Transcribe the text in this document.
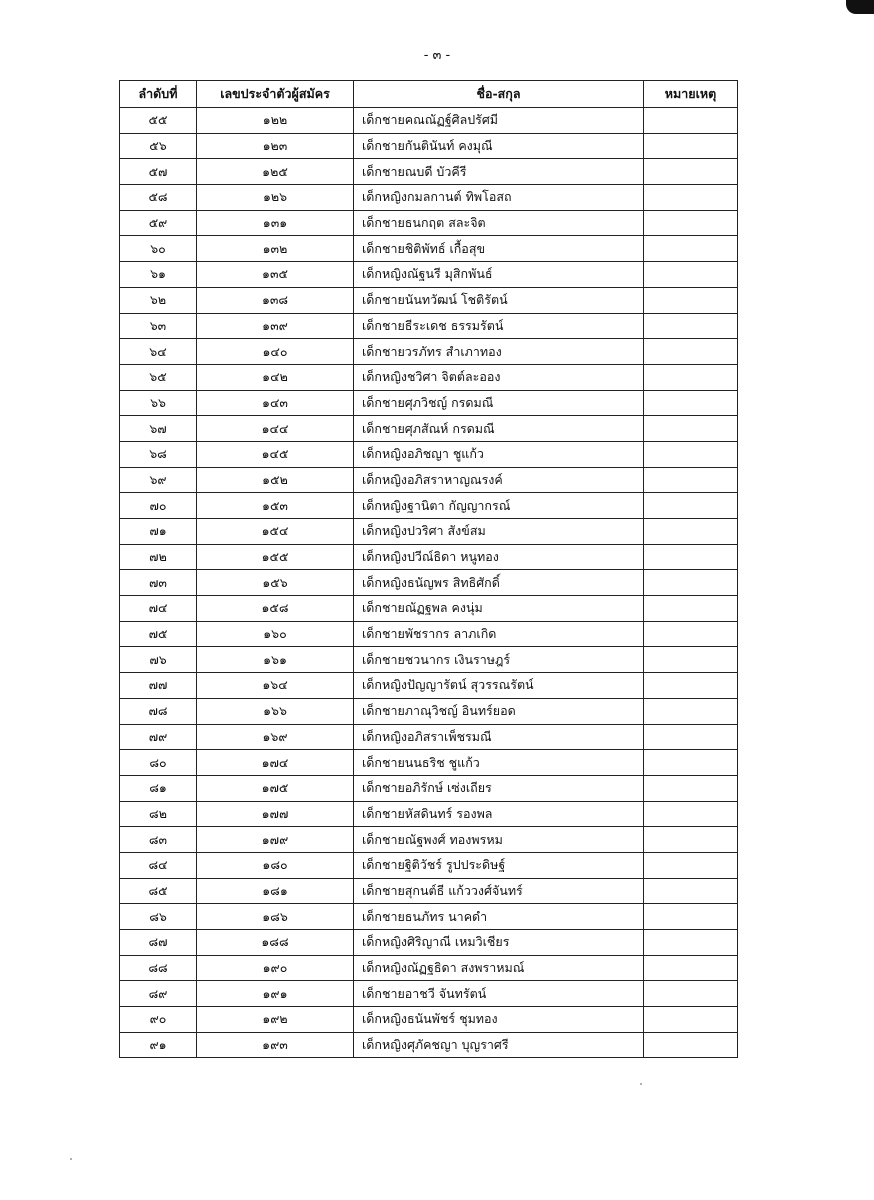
- ๓ -
ลำดับที่	เลขประจำตัวผู้สมัคร	ชื่อ-สกุล	หมายเหตุ
๕๕	๑๒๒	เด็กชายคณณัฏฐ์ศิลปรัศมี	
๕๖	๑๒๓	เด็กชายกันตินันท์ คงมุณี	
๕๗	๑๒๕	เด็กชายณบดี บัวคีรี	
๕๘	๑๒๖	เด็กหญิงกมลกานต์ ทิพโอสถ	
๕๙	๑๓๑	เด็กชายธนกฤต สละจิต	
๖๐	๑๓๒	เด็กชายชิติพัทธ์ เกื้อสุข	
๖๑	๑๓๕	เด็กหญิงณัฐนรี มุสิกพันธ์	
๖๒	๑๓๘	เด็กชายนันทวัฒน์ โชติรัตน์	
๖๓	๑๓๙	เด็กชายธีระเดช ธรรมรัตน์	
๖๔	๑๔๐	เด็กชายวรภัทร สำเภาทอง	
๖๕	๑๔๒	เด็กหญิงชวิศา จิตต์ละออง	
๖๖	๑๔๓	เด็กชายศุภวิชญ์ กรดมณี	
๖๗	๑๔๔	เด็กชายศุภสัณห์ กรดมณี	
๖๘	๑๔๕	เด็กหญิงอภิชญา ชูแก้ว	
๖๙	๑๕๒	เด็กหญิงอภิสราหาญณรงค์	
๗๐	๑๕๓	เด็กหญิงฐานิตา กัญญากรณ์	
๗๑	๑๕๔	เด็กหญิงปวริศา สังข์สม	
๗๒	๑๕๕	เด็กหญิงปวีณ์ธิดา หนูทอง	
๗๓	๑๕๖	เด็กหญิงธนัญพร สิทธิศักดิ์	
๗๔	๑๕๘	เด็กชายณัฏฐพล คงนุ่ม	
๗๕	๑๖๐	เด็กชายพัชรากร ลาภเกิด	
๗๖	๑๖๑	เด็กชายชวนากร เงินราษฎร์	
๗๗	๑๖๔	เด็กหญิงปัญญารัตน์ สุวรรณรัตน์	
๗๘	๑๖๖	เด็กชายภาณุวิชญ์ อินทร์ยอด	
๗๙	๑๖๙	เด็กหญิงอภิสราเพ็ชรมณี	
๘๐	๑๗๔	เด็กชายนนธริช ชูแก้ว	
๘๑	๑๗๕	เด็กชายอภิรักษ์ เซ่งเถียร	
๘๒	๑๗๗	เด็กชายหัสดินทร์ รองพล	
๘๓	๑๗๙	เด็กชายณัฐพงศ์ ทองพรหม	
๘๔	๑๘๐	เด็กชายฐิติวัชร์ รูปประดิษฐ์	
๘๕	๑๘๑	เด็กชายสุกนต์ธี แก้ววงศ์จันทร์	
๘๖	๑๘๖	เด็กชายธนภัทร นาคดำ	
๘๗	๑๘๘	เด็กหญิงศิริญาณี เหมวิเชียร	
๘๘	๑๙๐	เด็กหญิงณัฏฐธิดา สงพราหมณ์	
๘๙	๑๙๑	เด็กชายอาชวี จันทรัตน์	
๙๐	๑๙๒	เด็กหญิงธนันพัชร์ ชุมทอง	
๙๑	๑๙๓	เด็กหญิงศุภัคชญา บุญราศรี	
